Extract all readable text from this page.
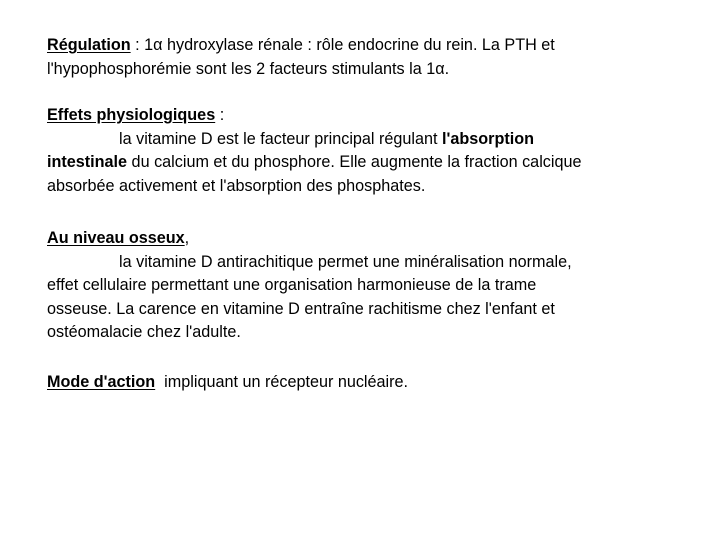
Régulation : 1α hydroxylase rénale : rôle endocrine du rein. La PTH et
l'hypophosphorémie sont les 2 facteurs stimulants la 1α.

Effets physiologiques :
la vitamine D est le facteur principal régulant l'absorption
intestinale du calcium et du phosphore. Elle augmente la fraction calcique
absorbée activement et l'absorption des phosphates.

Au niveau osseux,
la vitamine D antirachitique permet une minéralisation normale,
effet cellulaire permettant une organisation harmonieuse de la trame
osseuse. La carence en vitamine D entraîne rachitisme chez l'enfant et
ostéomalacie chez l'adulte.

Mode d'action  impliquant un récepteur nucléaire.
